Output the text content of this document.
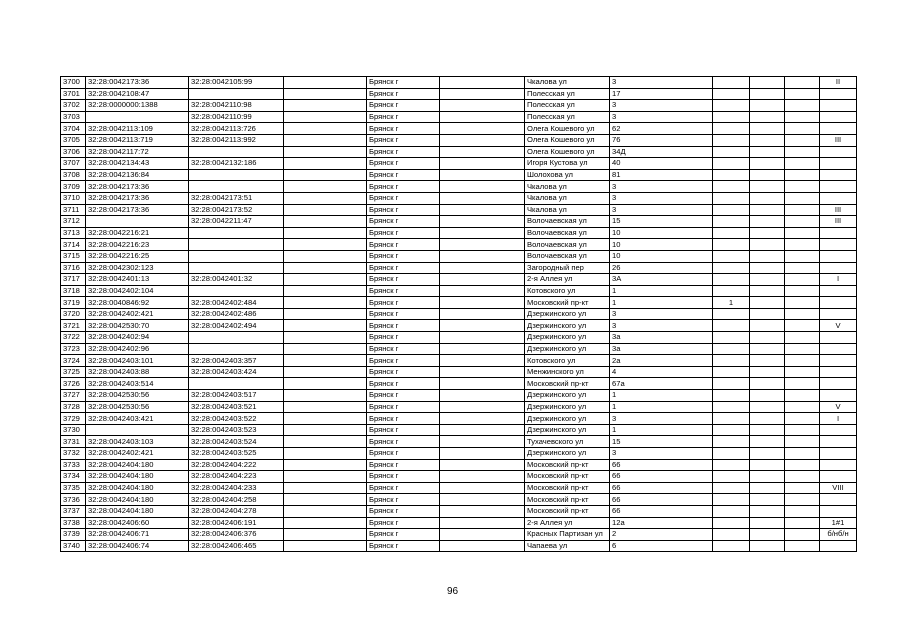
3700	32:28:0042173:36	32:28:0042105:99		Брянск г		Чкалова ул	3				II
3701	32:28:0042108:47			Брянск г		Полесская ул	17				
3702	32:28:0000000:1388	32:28:0042110:98		Брянск г		Полесская ул	3				
3703		32:28:0042110:99		Брянск г		Полесская ул	3				
3704	32:28:0042113:109	32:28:0042113:726		Брянск г		Олега Кошевого ул	62				
3705	32:28:0042113:719	32:28:0042113:992		Брянск г		Олега Кошевого ул	76				III
3706	32:28:0042117:72			Брянск г		Олега Кошевого ул	34Д				
3707	32:28:0042134:43	32:28:0042132:186		Брянск г		Игоря Кустова ул	40				
3708	32:28:0042136:84			Брянск г		Шолохова ул	81				
3709	32:28:0042173:36			Брянск г		Чкалова ул	3				
3710	32:28:0042173:36	32:28:0042173:51		Брянск г		Чкалова ул	3				
3711	32:28:0042173:36	32:28:0042173:52		Брянск г		Чкалова ул	3				III
3712		32:28:0042211:47		Брянск г		Волочаевская ул	15				III
3713	32:28:0042216:21			Брянск г		Волочаевская ул	10				
3714	32:28:0042216:23			Брянск г		Волочаевская ул	10				
3715	32:28:0042216:25			Брянск г		Волочаевская ул	10				
3716	32:28:0042302:123			Брянск г		Загородный пер	26				
3717	32:28:0042401:13	32:28:0042401:32		Брянск г		2-я Аллея ул	3А				I
3718	32:28:0042402:104			Брянск г		Котовского ул	1				
3719	32:28:0040846:92	32:28:0042402:484		Брянск г		Московский пр-кт	1	1			
3720	32:28:0042402:421	32:28:0042402:486		Брянск г		Дзержинского ул	3				
3721	32:28:0042530:70	32:28:0042402:494		Брянск г		Дзержинского ул	3				V
3722	32:28:0042402:94			Брянск г		Дзержинского ул	3а				
3723	32:28:0042402:96			Брянск г		Дзержинского ул	3а				
3724	32:28:0042403:101	32:28:0042403:357		Брянск г		Котовского ул	2а				
3725	32:28:0042403:88	32:28:0042403:424		Брянск г		Менжинского ул	4				
3726	32:28:0042403:514			Брянск г		Московский пр-кт	67а				
3727	32:28:0042530:56	32:28:0042403:517		Брянск г		Дзержинского ул	1				
3728	32:28:0042530:56	32:28:0042403:521		Брянск г		Дзержинского ул	1				V
3729	32:28:0042403:421	32:28:0042403:522		Брянск г		Дзержинского ул	3				I
3730		32:28:0042403:523		Брянск г		Дзержинского ул	1				
3731	32:28:0042403:103	32:28:0042403:524		Брянск г		Тухачевского ул	15				
3732	32:28:0042402:421	32:28:0042403:525		Брянск г		Дзержинского ул	3				
3733	32:28:0042404:180	32:28:0042404:222		Брянск г		Московский пр-кт	66				
3734	32:28:0042404:180	32:28:0042404:223		Брянск г		Московский пр-кт	66				
3735	32:28:0042404:180	32:28:0042404:233		Брянск г		Московский пр-кт	66				VIII
3736	32:28:0042404:180	32:28:0042404:258		Брянск г		Московский пр-кт	66				
3737	32:28:0042404:180	32:28:0042404:278		Брянск г		Московский пр-кт	66				
3738	32:28:0042406:60	32:28:0042406:191		Брянск г		2-я Аллея ул	12а				1#1
3739	32:28:0042406:71	32:28:0042406:376		Брянск г		Красных Партизан ул	2				б/нб/н
3740	32:28:0042406:74	32:28:0042406:465		Брянск г		Чапаева ул	6				
96
